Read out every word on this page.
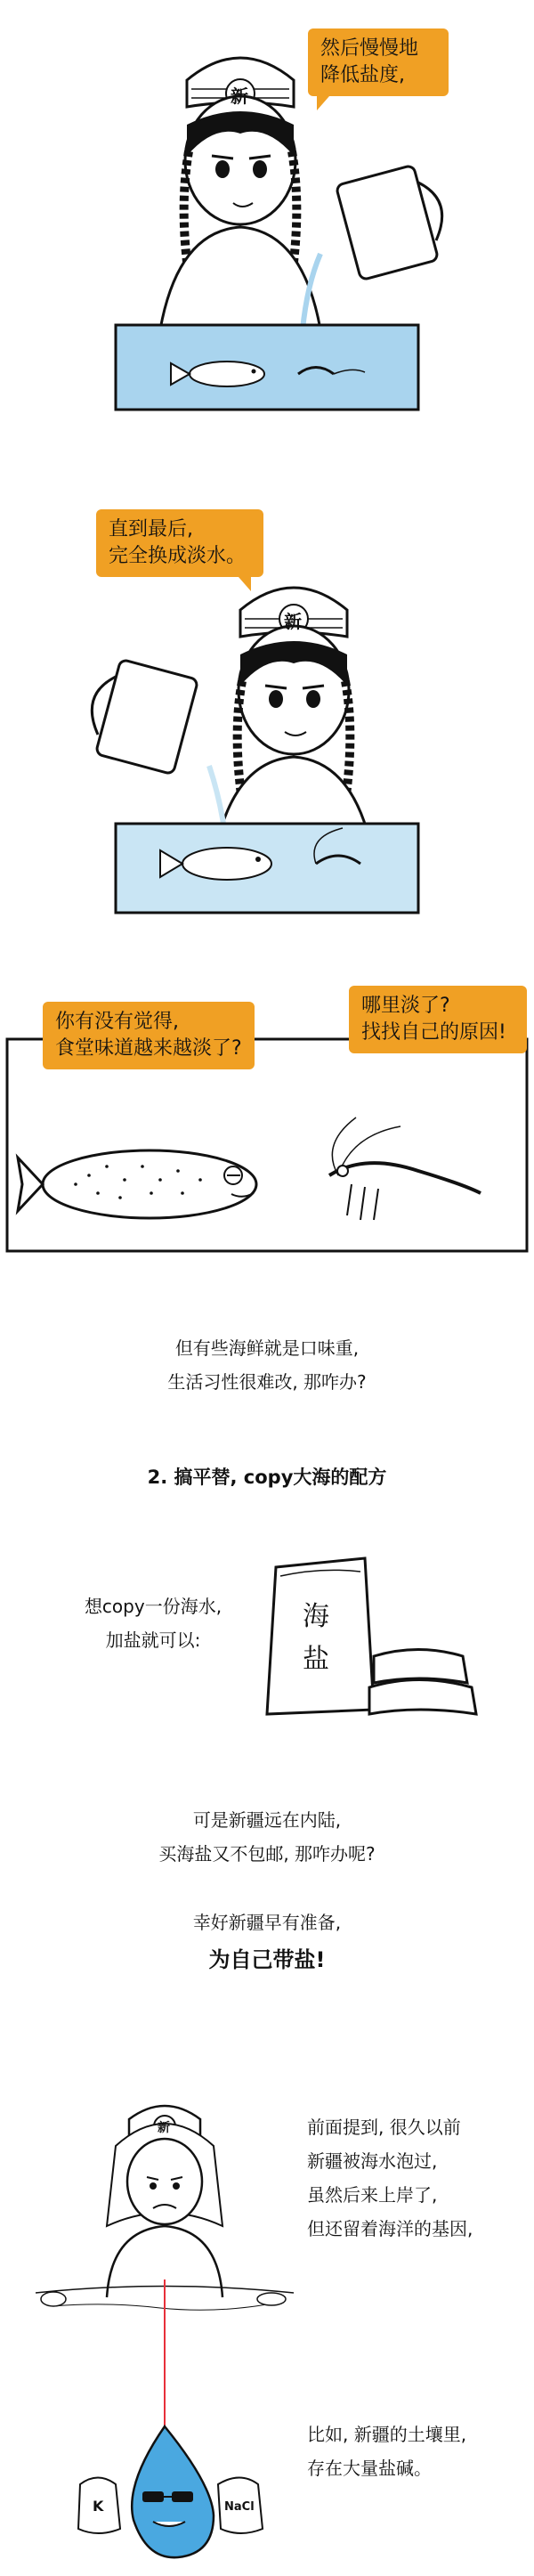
然后慢慢地
降低盐度,
新
直到最后,
完全换成淡水。
新
你有没有觉得,
食堂味道越来越淡了?
哪里淡了?
找找自己的原因!
但有些海鲜就是口味重,
生活习性很难改, 那咋办?
2. 搞平替, copy大海的配方
想copy一份海水,
加盐就可以:
海
盐
可是新疆远在内陆,
买海盐又不包邮, 那咋办呢?
幸好新疆早有准备,
为自己带盐!
新
K	NaCl
前面提到, 很久以前
新疆被海水泡过,
虽然后来上岸了,
但还留着海洋的基因,
比如, 新疆的土壤里,
存在大量盐碱。
